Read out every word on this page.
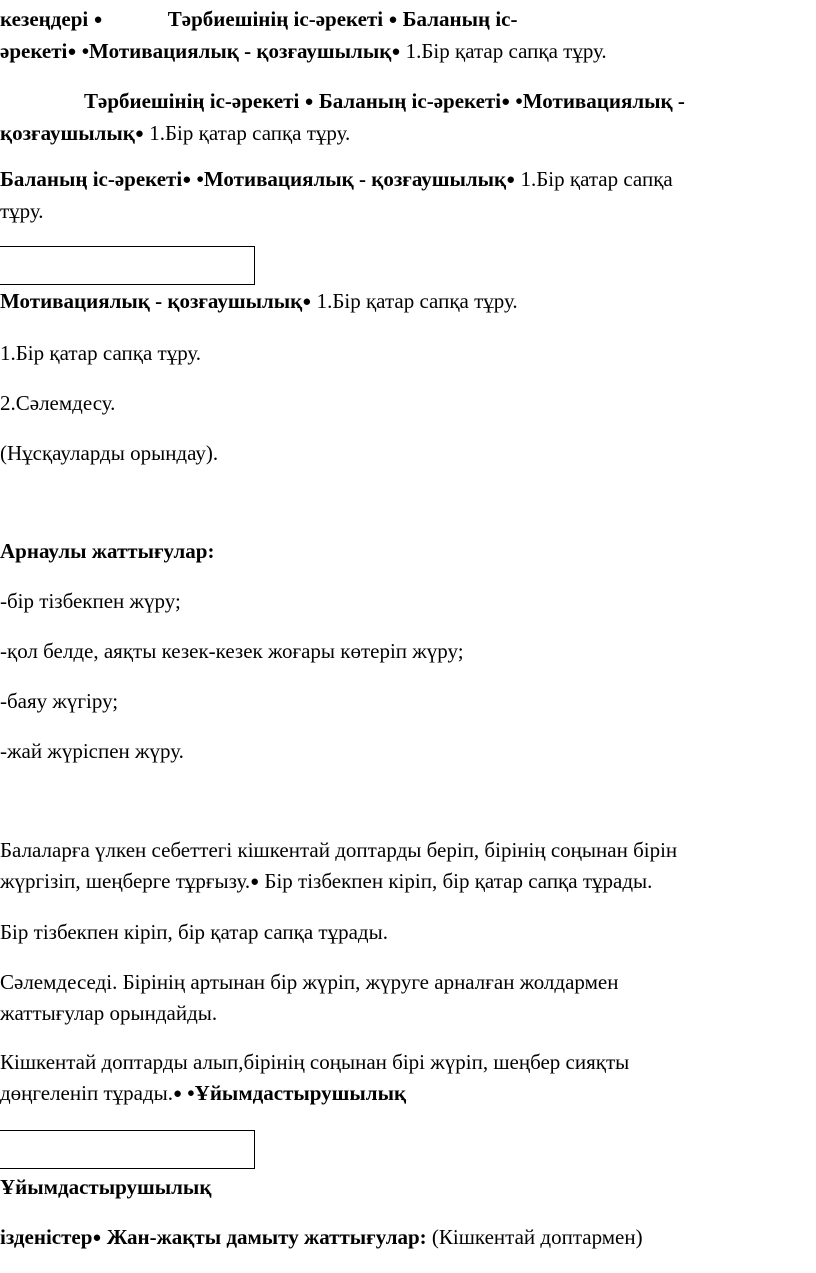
кезеңдері ●	Тәрбиешінің іс-әрекеті ● Баланың іс-
әрекеті● •Мотивациялық - қозғаушылық● 1.Бір қатар сапқа тұру.

Тәрбиешінің іс-әрекеті ● Баланың іс-әрекеті● •Мотивациялық -
қозғаушылық● 1.Бір қатар сапқа тұру.

Баланың іс-әрекеті● •Мотивациялық - қозғаушылық● 1.Бір қатар сапқа
тұру.

Мотивациялық - қозғаушылық● 1.Бір қатар сапқа тұру.

1.Бір қатар сапқа тұру.

2.Сәлемдесу.

(Нұсқауларды орындау).

Арнаулы жаттығулар:

-бір тізбекпен жүру;

-қол белде, аяқты кезек-кезек жоғары көтеріп жүру;

-баяу жүгіру;

-жай жүріспен жүру.

Балаларға үлкен себеттегі кішкентай доптарды беріп, бірінің соңынан бірін
жүргізіп, шеңберге тұрғызу.● Бір тізбекпен кіріп, бір қатар сапқа тұрады.

Бір тізбекпен кіріп, бір қатар сапқа тұрады.

Сәлемдеседі. Бірінің артынан бір жүріп, жүруге арналған жолдармен
жаттығулар орындайды.

Кішкентай доптарды алып,бірінің соңынан бірі жүріп, шеңбер сияқты
дөңгеленіп тұрады.● •Ұйымдастырушылық

Ұйымдастырушылық

ізденістер● Жан-жақты дамыту жаттығулар: (Кішкентай доптармен)
